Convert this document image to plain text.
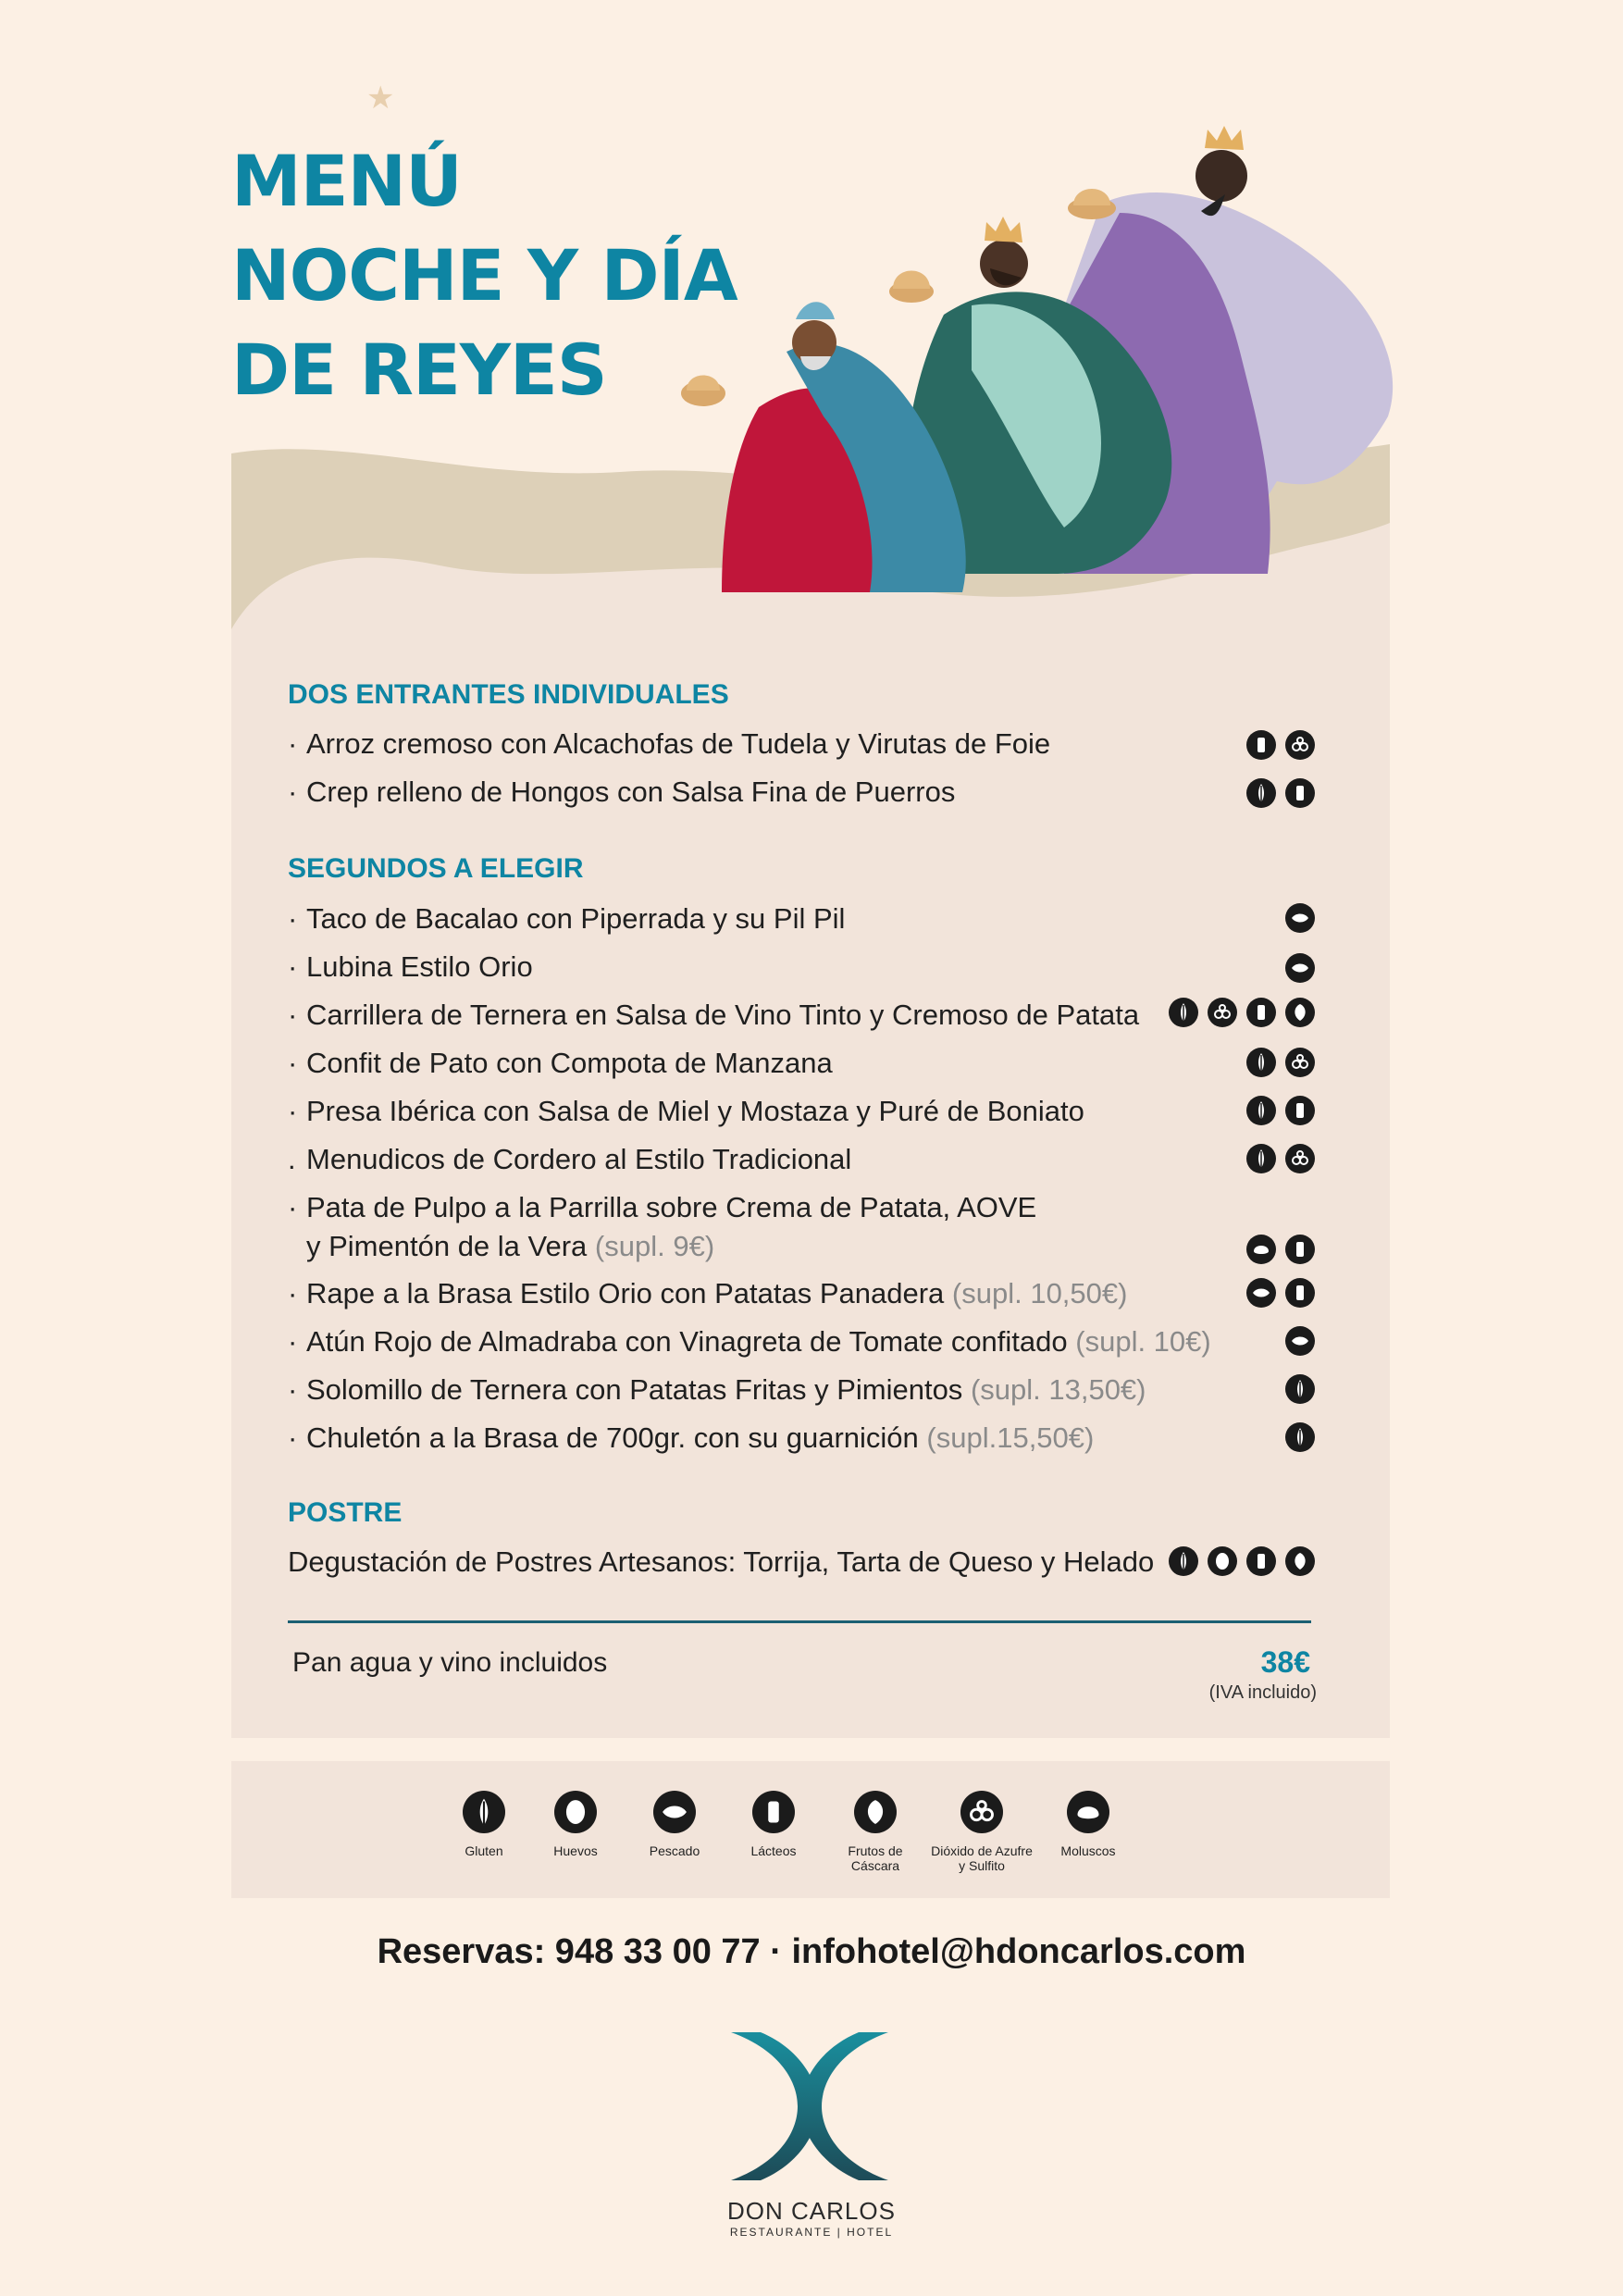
★
MENÚ
NOCHE Y DÍA
DE REYES
DOS ENTRANTES INDIVIDUALES
· Arroz cremoso con Alcachofas de Tudela y Virutas de Foie
· Crep relleno de Hongos con Salsa Fina de Puerros
SEGUNDOS A ELEGIR
· Taco de Bacalao con Piperrada y su Pil Pil
· Lubina Estilo Orio
· Carrillera de Ternera en Salsa de Vino Tinto y Cremoso de Patata
· Confit de Pato con Compota de Manzana
· Presa Ibérica con Salsa de Miel y Mostaza y Puré de Boniato
. Menudicos de Cordero al Estilo Tradicional
· Pata de Pulpo a la Parrilla sobre Crema de Patata, AOVE
y Pimentón de la Vera (supl. 9€)
· Rape a la Brasa Estilo Orio con Patatas Panadera (supl. 10,50€)
· Atún Rojo de Almadraba con Vinagreta de Tomate confitado (supl. 10€)
· Solomillo de Ternera con Patatas Fritas y Pimientos (supl. 13,50€)
· Chuletón a la Brasa de 700gr. con su guarnición (supl.15,50€)
POSTRE
Degustación de Postres Artesanos: Torrija, Tarta de Queso y Helado
Pan agua y vino incluidos	38€
(IVA incluido)
Gluten	Huevos	Pescado	Lácteos	Frutos de Cáscara
Dióxido de Azufre y Sulfito
Moluscos
Reservas: 948 33 00 77 · infohotel@hdoncarlos.com
DON CARLOS
RESTAURANTE | HOTEL
